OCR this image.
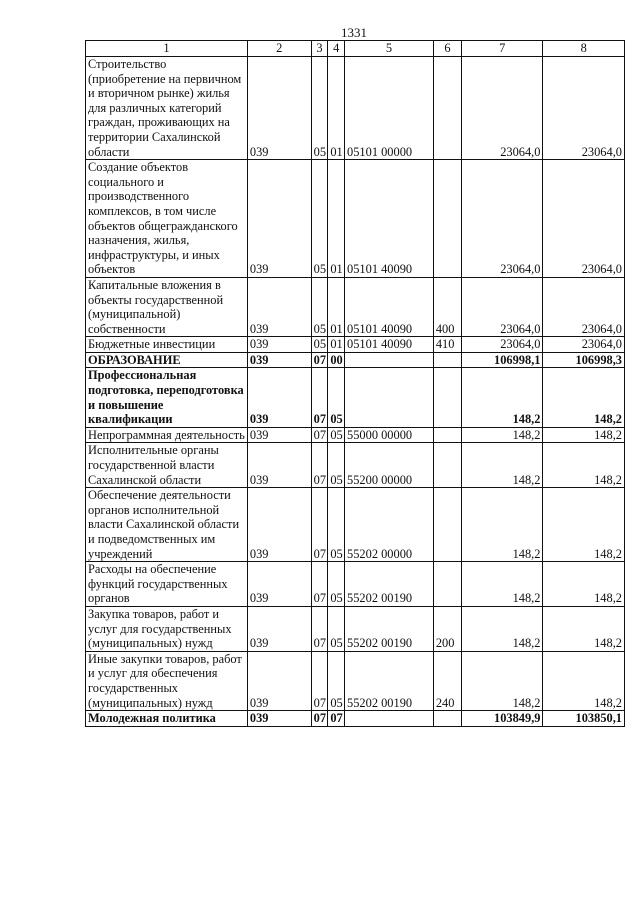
1331
1	2	3	4	5	6	7	8
Строительство (приобретение на первичном и вторичном рынке) жилья для различных категорий граждан, проживающих на территории Сахалинской области	039	05	01	05101 00000		23064,0	23064,0
Создание объектов социального и производственного комплексов, в том числе объектов общегражданского назначения, жилья, инфраструктуры, и иных объектов	039	05	01	05101 40090		23064,0	23064,0
Капитальные вложения в объекты государственной (муниципальной) собственности	039	05	01	05101 40090	400	23064,0	23064,0
Бюджетные инвестиции	039	05	01	05101 40090	410	23064,0	23064,0
ОБРАЗОВАНИЕ	039	07	00			106998,1	106998,3
Профессиональная подготовка, переподготовка и повышение квалификации	039	07	05			148,2	148,2
Непрограммная деятельность	039	07	05	55000 00000		148,2	148,2
Исполнительные органы государственной власти Сахалинской области	039	07	05	55200 00000		148,2	148,2
Обеспечение деятельности органов исполнительной власти Сахалинской области и подведомственных им учреждений	039	07	05	55202 00000		148,2	148,2
Расходы на обеспечение функций государственных органов	039	07	05	55202 00190		148,2	148,2
Закупка товаров, работ и услуг для государственных (муниципальных) нужд	039	07	05	55202 00190	200	148,2	148,2
Иные закупки товаров, работ и услуг для обеспечения государственных (муниципальных) нужд	039	07	05	55202 00190	240	148,2	148,2
Молодежная политика	039	07	07			103849,9	103850,1
